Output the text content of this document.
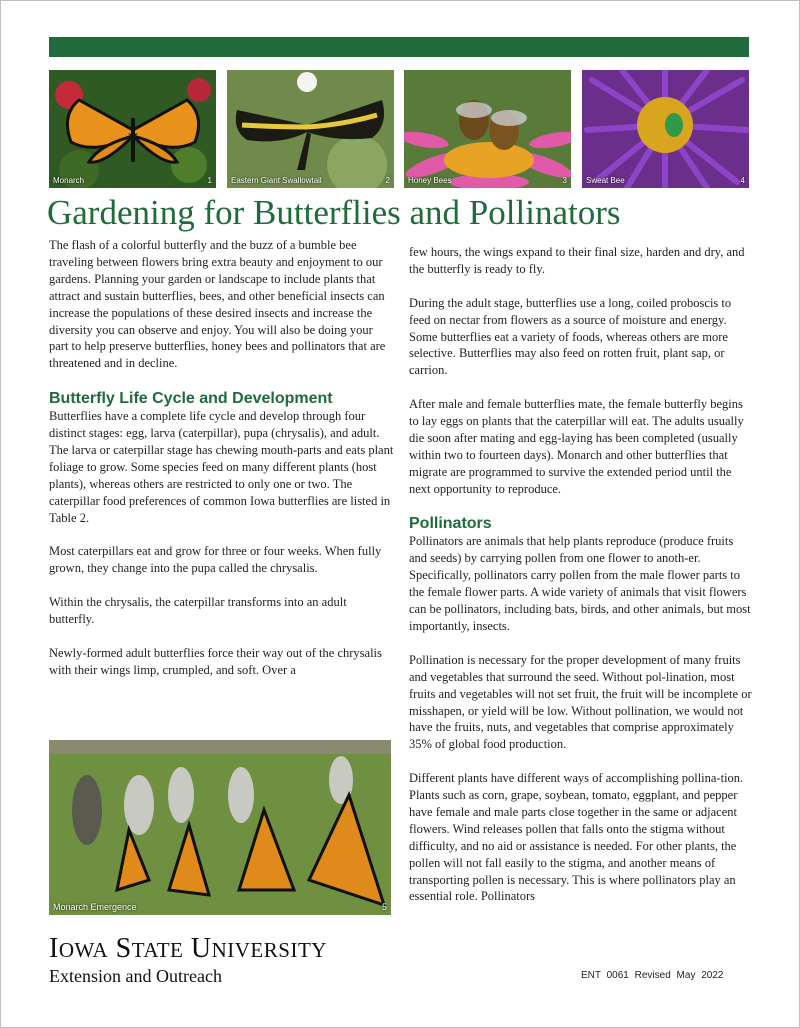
Monarch	1 Eastern Giant Swallowtail	2 Honey Bees	3 Sweat Bee	4
Gardening for Butterflies and Pollinators

The flash of a colorful butterfly and the buzz of a bumble bee traveling between flowers bring extra beauty and enjoyment to our gardens. Planning your garden or landscape to include plants that attract and sustain butterflies, bees, and other beneficial insects can increase the populations of these desired insects and increase the diversity you can observe and enjoy. You will also be doing your part to help preserve butterflies, honey bees and pollinators that are threatened and in decline.

Butterfly Life Cycle and Development

Butterflies have a complete life cycle and develop through four distinct stages: egg, larva (caterpillar), pupa (chrysalis), and adult. The larva or caterpillar stage has chewing mouth-parts and eats plant foliage to grow. Some species feed on many different plants (host plants), whereas others are restricted to only one or two. The caterpillar food preferences of common Iowa butterflies are listed in Table 2.

Most caterpillars eat and grow for three or four weeks. When fully grown, they change into the pupa called the chrysalis.

Within the chrysalis, the caterpillar transforms into an adult butterfly.

Newly-formed adult butterflies force their way out of the chrysalis with their wings limp, crumpled, and soft. Over a

Monarch Emergence	5

few hours, the wings expand to their final size, harden and dry, and the butterfly is ready to fly.

During the adult stage, butterflies use a long, coiled proboscis to feed on nectar from flowers as a source of moisture and energy. Some butterflies eat a variety of foods, whereas others are more selective. Butterflies may also feed on rotten fruit, plant sap, or carrion.

After male and female butterflies mate, the female butterfly begins to lay eggs on plants that the caterpillar will eat. The adults usually die soon after mating and egg-laying has been completed (usually within two to fourteen days). Monarch and other butterflies that migrate are programmed to survive the extended period until the next opportunity to reproduce.

Pollinators

Pollinators are animals that help plants reproduce (produce fruits and seeds) by carrying pollen from one flower to anoth-er. Specifically, pollinators carry pollen from the male flower parts to the female flower parts. A wide variety of animals that visit flowers can be pollinators, including bats, birds, and other animals, but most importantly, insects.

Pollination is necessary for the proper development of many fruits and vegetables that surround the seed. Without pol-lination, most fruits and vegetables will not set fruit, the fruit will be incomplete or misshapen, or yield will be low. Without pollination, we would not have the fruits, nuts, and vegetables that comprise approximately 35% of global food production.

Different plants have different ways of accomplishing pollina-tion. Plants such as corn, grape, soybean, tomato, eggplant, and pepper have female and male parts close together in the same or adjacent flowers. Wind releases pollen that falls onto the stigma without difficulty, and no aid or assistance is needed. For other plants, the pollen will not fall easily to the stigma, and another means of transporting pollen is necessary. This is where pollinators play an essential role. Pollinators

IOWA STATE UNIVERSITY
Extension and Outreach	ENT 0061 Revised May 2022
